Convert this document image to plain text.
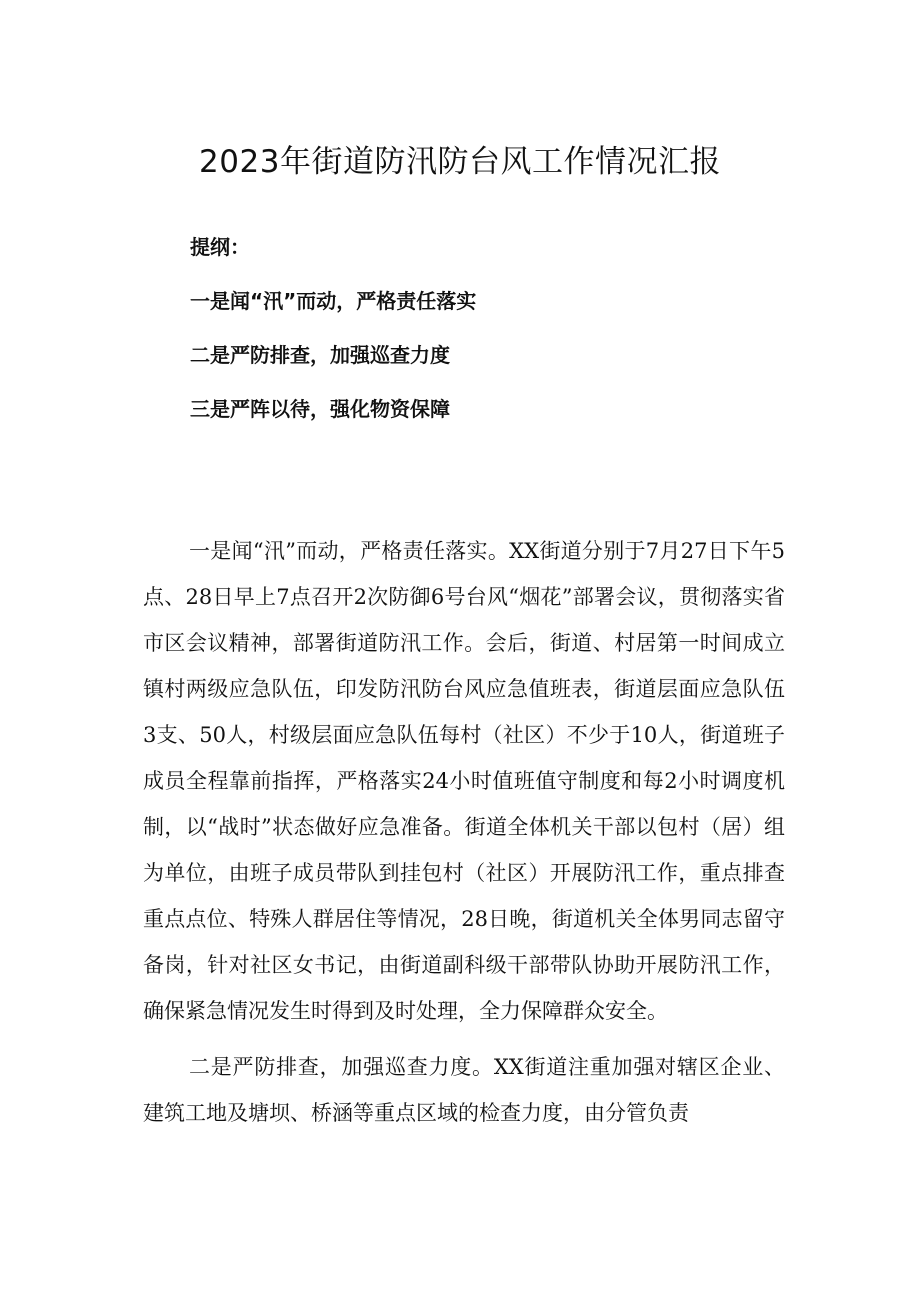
2023年街道防汛防台风工作情况汇报
提纲：
一是闻“汛”而动，严格责任落实
二是严防排查，加强巡查力度
三是严阵以待，强化物资保障

一是闻“汛”而动，严格责任落实。XX街道分别于7月27日下午5点、28日早上7点召开2次防御6号台风“烟花”部署会议，贯彻落实省市区会议精神，部署街道防汛工作。会后，街道、村居第一时间成立镇村两级应急队伍，印发防汛防台风应急值班表，街道层面应急队伍3支、50人，村级层面应急队伍每村（社区）不少于10人，街道班子成员全程靠前指挥，严格落实24小时值班值守制度和每2小时调度机制，以“战时”状态做好应急准备。街道全体机关干部以包村（居）组为单位，由班子成员带队到挂包村（社区）开展防汛工作，重点排查重点点位、特殊人群居住等情况，28日晚，街道机关全体男同志留守备岗，针对社区女书记，由街道副科级干部带队协助开展防汛工作，确保紧急情况发生时得到及时处理，全力保障群众安全。

二是严防排查，加强巡查力度。XX街道注重加强对辖区企业、建筑工地及塘坝、桥涵等重点区域的检查力度，由分管负责
